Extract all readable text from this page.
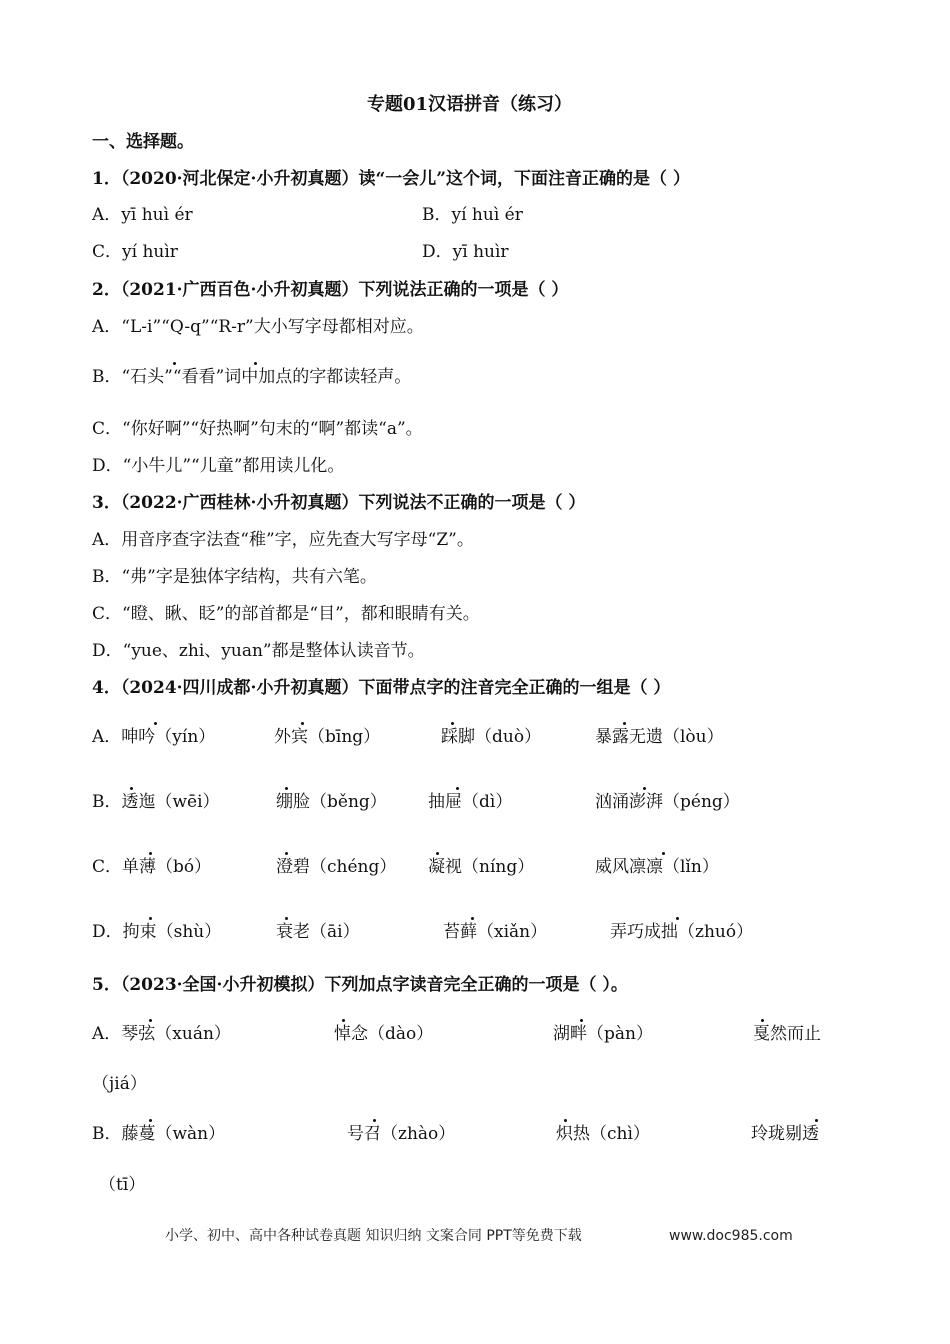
专题01汉语拼音（练习）
一、选择题。
1．（2020·河北保定·小升初真题）读“一会儿”这个词，下面注音正确的是（ ）
A．yī huì ér	B．yí huì ér
C．yí huìr	D．yī huìr
2．（2021·广西百色·小升初真题）下列说法正确的一项是（ ）
A．“L-i”“Q-q”“R-r”大小写字母都相对应。
B．“石头”“看看”词中加点的字都读轻声。
C．“你好啊”“好热啊”句末的“啊”都读“a”。
D．“小牛儿”“儿童”都用读儿化。
3．（2022·广西桂林·小升初真题）下列说法不正确的一项是（ ）
A．用音序查字法查“稚”字，应先查大写字母“Z”。
B．“弗”字是独体字结构，共有六笔。
C．“瞪、瞅、眨”的部首都是“目”，都和眼睛有关。
D．“yue、zhi、yuan”都是整体认读音节。
4．（2024·四川成都·小升初真题）下面带点字的注音完全正确的一组是（ ）
A．呻吟（yín）	外宾（bīng）	踩脚（duò）	暴露无遗（lòu）
B．透迤（wēi）	绷脸（běng） 抽屉（dì）	汹涌澎湃（péng）
C．单薄（bó）	澄碧（chéng） 凝视（níng）	威风凛凛（lǐn）
D．拘束（shù）	衰老（āi）	苔藓（xiǎn）	弄巧成拙（zhuó）
5．（2023·全国·小升初模拟）下列加点字读音完全正确的一项是（ ）。
A．琴弦（xuán）	悼念（dào）	湖畔（pàn）	戛然而止
（jiá）
B．藤蔓（wàn）	号召（zhào）	炽热（chì）	玲珑剔透
（tī）
小学、初中、高中各种试卷真题 知识归纳 文案合同 PPT等免费下载	www.doc985.com
